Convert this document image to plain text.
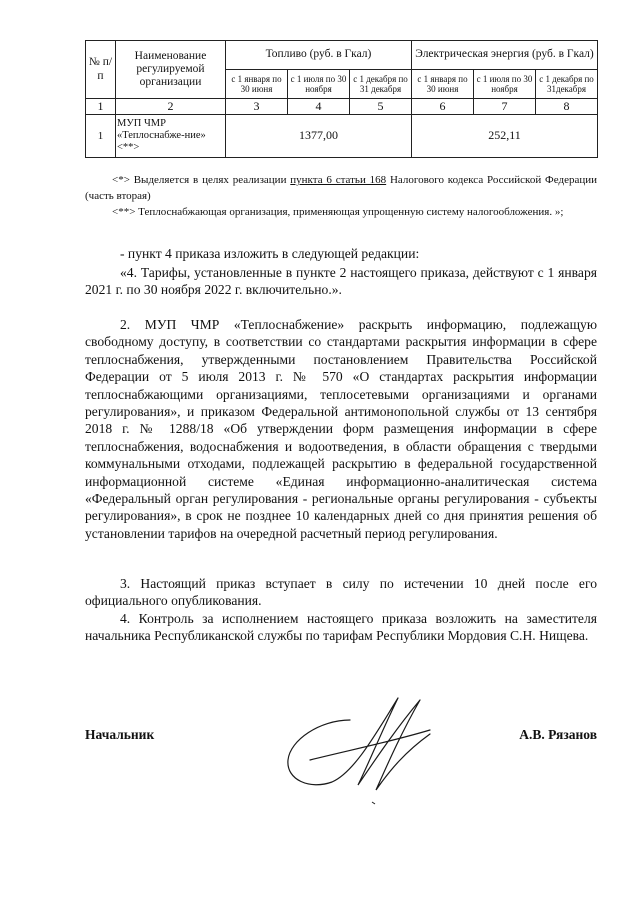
№ п/п	Наименование регулируемой организации	Топливо (руб. в Гкал)			Электрическая энергия (руб. в Гкал)		
		с 1 января по 30 июня	с 1 июля по 30 ноября	с 1 декабря по 31 декабря	с 1 января по 30 июня	с 1 июля по 30 ноября	с 1 декабря по 31декабря
1	2	3	4	5	6	7	8
1	МУП ЧМР «Теплоснабже-ние» <**>	1377,00			252,11		

<*> Выделяется в целях реализации пункта 6 статьи 168 Налогового кодекса Российской Федерации (часть вторая)

<**> Теплоснабжающая организация, применяющая упрощенную систему налогообложения. »;

- пункт 4 приказа изложить в следующей редакции:

«4. Тарифы, установленные в пункте 2 настоящего приказа, действуют с 1 января 2021 г. по 30 ноября 2022 г. включительно.».

2. МУП ЧМР «Теплоснабжение» раскрыть информацию, подлежащую свободному доступу, в соответствии со стандартами раскрытия информации в сфере теплоснабжения, утвержденными постановлением Правительства Российской Федерации от 5 июля 2013 г. № 570 «О стандартах раскрытия информации теплоснабжающими организациями, теплосетевыми организациями и органами регулирования», и приказом Федеральной антимонопольной службы от 13 сентября 2018 г. № 1288/18 «Об утверждении форм размещения информации в сфере теплоснабжения, водоснабжения и водоотведения, в области обращения с твердыми коммунальными отходами, подлежащей раскрытию в федеральной государственной информационной системе «Единая информационно-аналитическая система «Федеральный орган регулирования - региональные органы регулирования - субъекты регулирования», в срок не позднее 10 календарных дней со дня принятия решения об установлении тарифов на очередной расчетный период регулирования.

3. Настоящий приказ вступает в силу по истечении 10 дней после его официального опубликования.

4. Контроль за исполнением настоящего приказа возложить на заместителя начальника Республиканской службы по тарифам Республики Мордовия С.Н. Нищева.

Начальник	А.В. Рязанов
